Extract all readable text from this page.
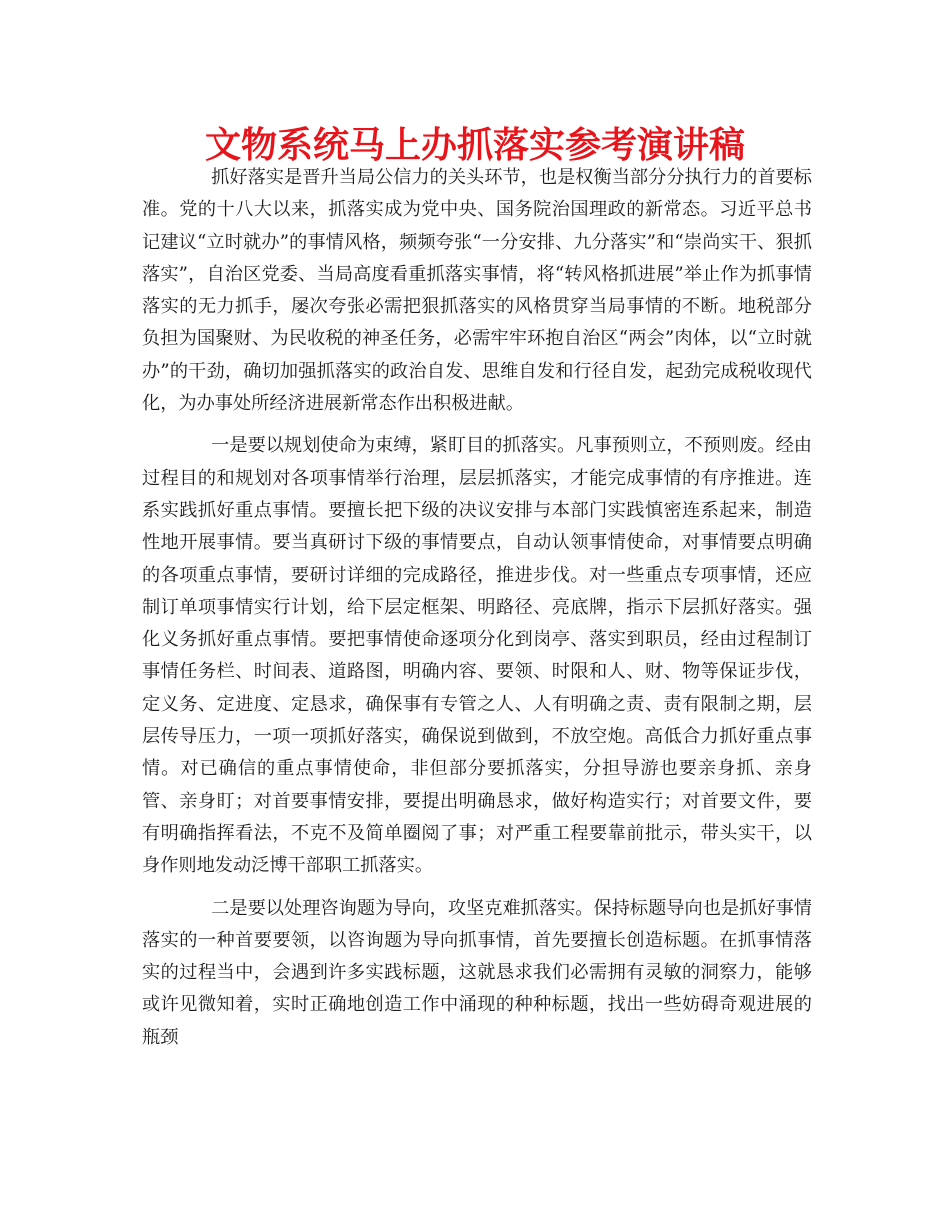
文物系统马上办抓落实参考演讲稿

抓好落实是晋升当局公信力的关头环节，也是权衡当部分分执行力的首要标准。党的十八大以来，抓落实成为党中央、国务院治国理政的新常态。习近平总书记建议“立时就办”的事情风格，频频夸张“一分安排、九分落实”和“崇尚实干、狠抓落实”，自治区党委、当局高度看重抓落实事情，将“转风格抓进展”举止作为抓事情落实的无力抓手，屡次夸张必需把狠抓落实的风格贯穿当局事情的不断。地税部分负担为国聚财、为民收税的神圣任务，必需牢牢环抱自治区“两会”肉体，以“立时就办”的干劲，确切加强抓落实的政治自发、思维自发和行径自发，起劲完成税收现代化，为办事处所经济进展新常态作出积极进献。

一是要以规划使命为束缚，紧盯目的抓落实。凡事预则立，不预则废。经由过程目的和规划对各项事情举行治理，层层抓落实，才能完成事情的有序推进。连系实践抓好重点事情。要擅长把下级的决议安排与本部门实践慎密连系起来，制造性地开展事情。要当真研讨下级的事情要点，自动认领事情使命，对事情要点明确的各项重点事情，要研讨详细的完成路径，推进步伐。对一些重点专项事情，还应制订单项事情实行计划，给下层定框架、明路径、亮底牌，指示下层抓好落实。强化义务抓好重点事情。要把事情使命逐项分化到岗亭、落实到职员，经由过程制订事情任务栏、时间表、道路图，明确内容、要领、时限和人、财、物等保证步伐，定义务、定进度、定恳求，确保事有专管之人、人有明确之责、责有限制之期，层层传导压力，一项一项抓好落实，确保说到做到，不放空炮。高低合力抓好重点事情。对已确信的重点事情使命，非但部分要抓落实，分担导游也要亲身抓、亲身管、亲身盯；对首要事情安排，要提出明确恳求，做好构造实行；对首要文件，要有明确指挥看法，不克不及简单圈阅了事；对严重工程要靠前批示，带头实干，以身作则地发动泛博干部职工抓落实。

二是要以处理咨询题为导向，攻坚克难抓落实。保持标题导向也是抓好事情落实的一种首要要领，以咨询题为导向抓事情，首先要擅长创造标题。在抓事情落实的过程当中，会遇到许多实践标题，这就恳求我们必需拥有灵敏的洞察力，能够或许见微知着，实时正确地创造工作中涌现的种种标题，找出一些妨碍奇观进展的瓶颈
